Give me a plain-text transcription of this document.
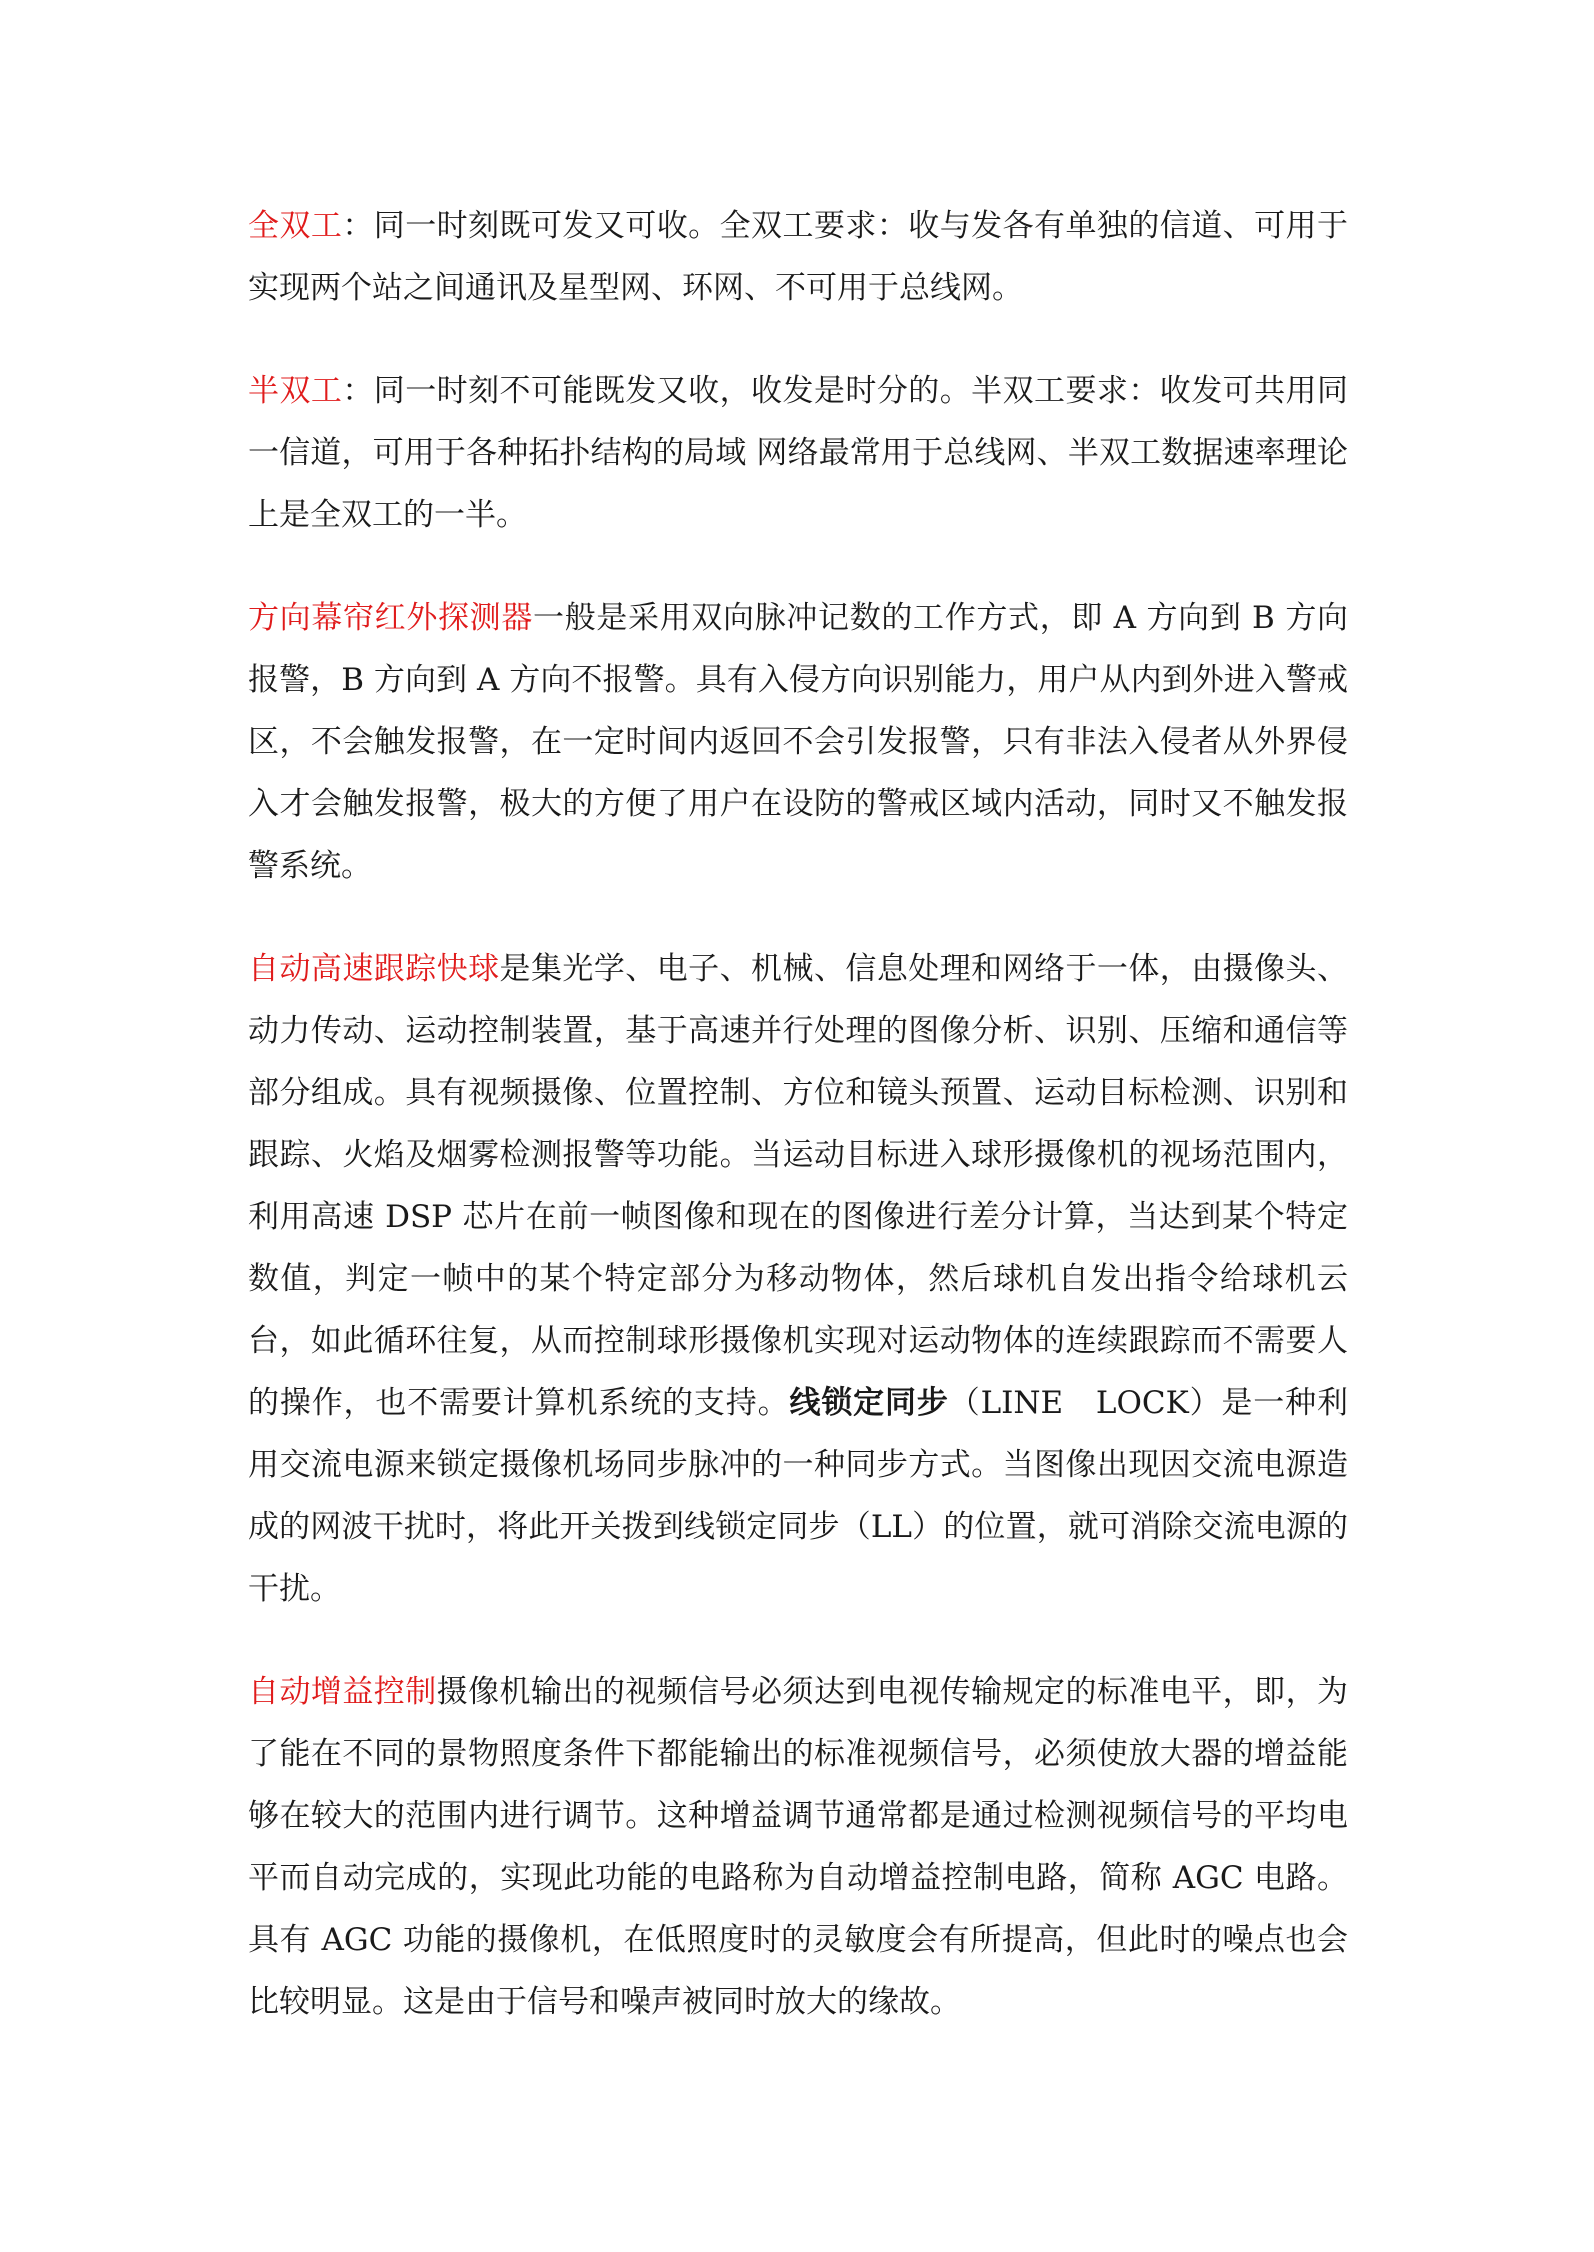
全双工：同一时刻既可发又可收。全双工要求：收与发各有单独的信道、可用于实现两个站之间通讯及星型网、环网、不可用于总线网。

半双工：同一时刻不可能既发又收，收发是时分的。半双工要求：收发可共用同一信道，可用于各种拓扑结构的局域 网络最常用于总线网、半双工数据速率理论上是全双工的一半。

方向幕帘红外探测器一般是采用双向脉冲记数的工作方式，即 A 方向到 B 方向报警，B 方向到 A 方向不报警。具有入侵方向识别能力，用户从内到外进入警戒区，不会触发报警，在一定时间内返回不会引发报警，只有非法入侵者从外界侵入才会触发报警，极大的方便了用户在设防的警戒区域内活动，同时又不触发报警系统。

自动高速跟踪快球是集光学、电子、机械、信息处理和网络于一体，由摄像头、动力传动、运动控制装置，基于高速并行处理的图像分析、识别、压缩和通信等部分组成。具有视频摄像、位置控制、方位和镜头预置、运动目标检测、识别和跟踪、火焰及烟雾检测报警等功能。当运动目标进入球形摄像机的视场范围内，利用高速 DSP 芯片在前一帧图像和现在的图像进行差分计算，当达到某个特定数值，判定一帧中的某个特定部分为移动物体，然后球机自发出指令给球机云台，如此循环往复，从而控制球形摄像机实现对运动物体的连续跟踪而不需要人的操作，也不需要计算机系统的支持。线锁定同步（LINE　LOCK）是一种利用交流电源来锁定摄像机场同步脉冲的一种同步方式。当图像出现因交流电源造成的网波干扰时，将此开关拨到线锁定同步（LL）的位置，就可消除交流电源的干扰。

自动增益控制摄像机输出的视频信号必须达到电视传输规定的标准电平，即，为了能在不同的景物照度条件下都能输出的标准视频信号，必须使放大器的增益能够在较大的范围内进行调节。这种增益调节通常都是通过检测视频信号的平均电平而自动完成的，实现此功能的电路称为自动增益控制电路，简称 AGC 电路。具有 AGC 功能的摄像机，在低照度时的灵敏度会有所提高，但此时的噪点也会比较明显。这是由于信号和噪声被同时放大的缘故。
